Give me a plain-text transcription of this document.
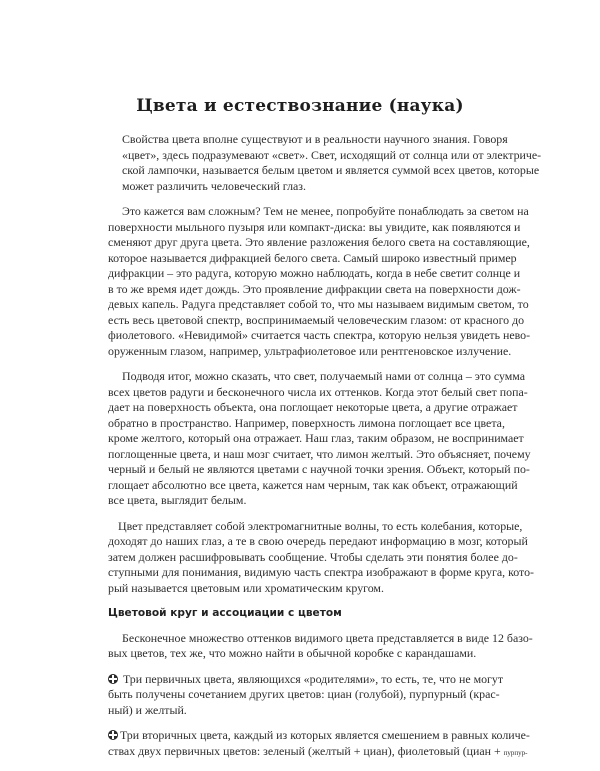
Цвета и естествознание (наука)

Свойства цвета вполне существуют и в реальности научного знания. Говоря
«цвет», здесь подразумевают «свет». Свет, исходящий от солнца или от электриче-
ской лампочки, называется белым цветом и является суммой всех цветов, которые
может различить человеческий глаз.

Это кажется вам сложным? Тем не менее, попробуйте понаблюдать за светом на
поверхности мыльного пузыря или компакт-диска: вы увидите, как появляются и
сменяют друг друга цвета. Это явление разложения белого света на составляющие,
которое называется дифракцией белого света. Самый широко известный пример
дифракции – это радуга, которую можно наблюдать, когда в небе светит солнце и
в то же время идет дождь. Это проявление дифракции света на поверхности дож-
девых капель. Радуга представляет собой то, что мы называем видимым светом, то
есть весь цветовой спектр, воспринимаемый человеческим глазом: от красного до
фиолетового. «Невидимой» считается часть спектра, которую нельзя увидеть нево-
оруженным глазом, например, ультрафиолетовое или рентгеновское излучение.

Подводя итог, можно сказать, что свет, получаемый нами от солнца – это сумма
всех цветов радуги и бесконечного числа их оттенков. Когда этот белый свет попа-
дает на поверхность объекта, она поглощает некоторые цвета, а другие отражает
обратно в пространство. Например, поверхность лимона поглощает все цвета,
кроме желтого, который она отражает. Наш глаз, таким образом, не воспринимает
поглощенные цвета, и наш мозг считает, что лимон желтый. Это объясняет, почему
черный и белый не являются цветами с научной точки зрения. Объект, который по-
глощает абсолютно все цвета, кажется нам черным, так как объект, отражающий
все цвета, выглядит белым.

Цвет представляет собой электромагнитные волны, то есть колебания, которые,
доходят до наших глаз, а те в свою очередь передают информацию в мозг, который
затем должен расшифровывать сообщение. Чтобы сделать эти понятия более до-
ступными для понимания, видимую часть спектра изображают в форме круга, кото-
рый называется цветовым или хроматическим кругом.

Цветовой круг и ассоциации с цветом

Бесконечное множество оттенков видимого цвета представляется в виде 12 базо-
вых цветов, тех же, что можно найти в обычной коробке с карандашами.

Три первичных цвета, являющихся «родителями», то есть, те, что не могут
быть получены сочетанием других цветов: циан (голубой), пурпурный (крас-
ный) и желтый.

Три вторичных цвета, каждый из которых является смешением в равных количе-
ствах двух первичных цветов: зеленый (желтый + циан), фиолетовый (циан + пурпур-
